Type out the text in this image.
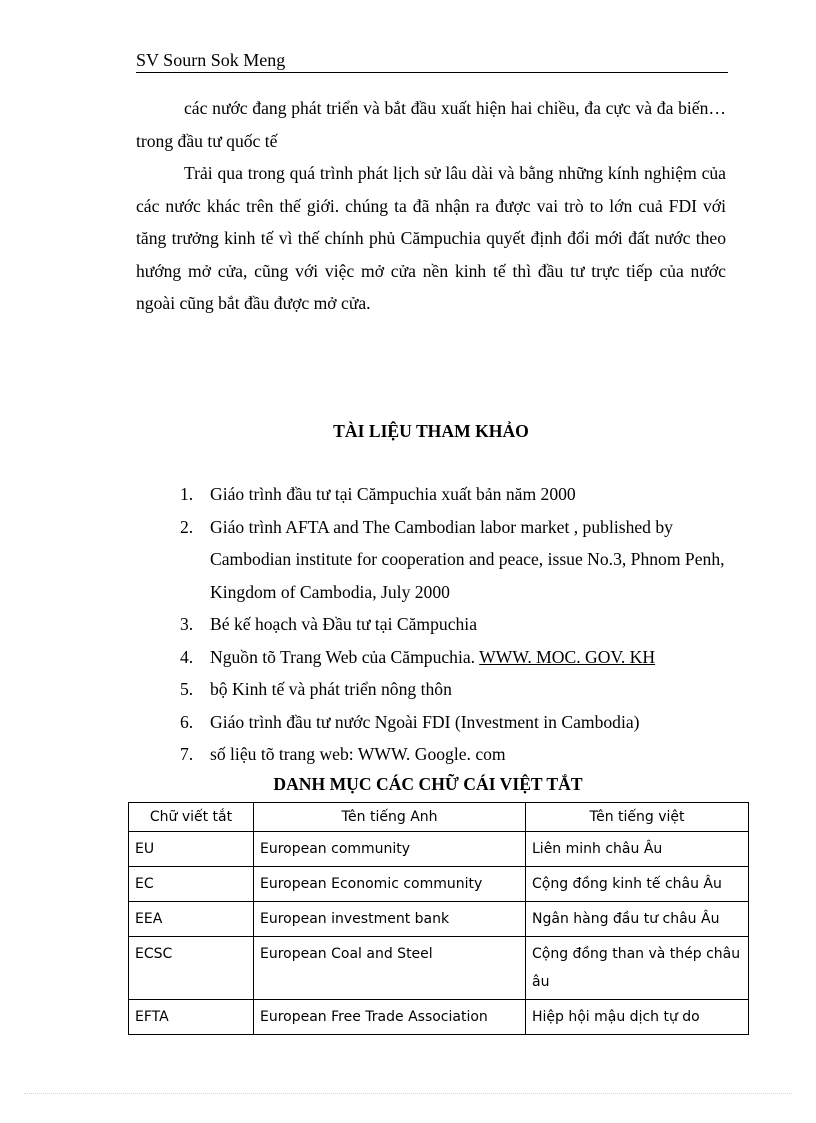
SV Sourn Sok Meng

các nước đang phát triển và bắt đầu xuất hiện hai chiều, đa cực và đa biến… trong đầu tư quốc tế

Trải qua trong quá trình phát lịch sử lâu dài và bằng những kính nghiệm của các nước khác trên thế giới. chúng ta đã nhận ra được vai trò to lớn cuả FDI với tăng trưởng kinh tế vì thế chính phủ Cămpuchia quyết định đổi mới đất nước theo hướng mở cửa, cũng với việc mở cửa nền kinh tế thì đầu tư trực tiếp của nước ngoài cũng bắt đầu được mở cửa.

TÀI LIỆU THAM KHẢO
1. Giáo trình đầu tư tại Cămpuchia xuất bản năm 2000
2. Giáo trình AFTA and The Cambodian labor market , published by Cambodian institute for cooperation and peace, issue No.3, Phnom Penh, Kingdom of Cambodia, July 2000
3. Bé kế hoạch và Đầu tư tại Cămpuchia
4. Nguồn tõ Trang Web của Cămpuchia. WWW. MOC. GOV. KH
5. bộ Kinh tế và phát triển nông thôn
6. Giáo trình đầu tư nước Ngoài FDI (Investment in Cambodia)
7. số liệu tõ trang web: WWW. Google. com
DANH MỤC CÁC CHỮ CÁI VIỆT TẮT
Chữ viết tắt	Tên tiếng Anh	Tên tiếng việt
EU	European community	Liên minh châu Âu
EC	European Economic community	Cộng đồng kinh tế châu Âu
EEA	European investment bank	Ngân hàng đầu tư châu Âu
ECSC	European Coal and Steel	Cộng đồng than và thép châu âu
EFTA	European Free Trade Association	Hiệp hội mậu dịch tự do
